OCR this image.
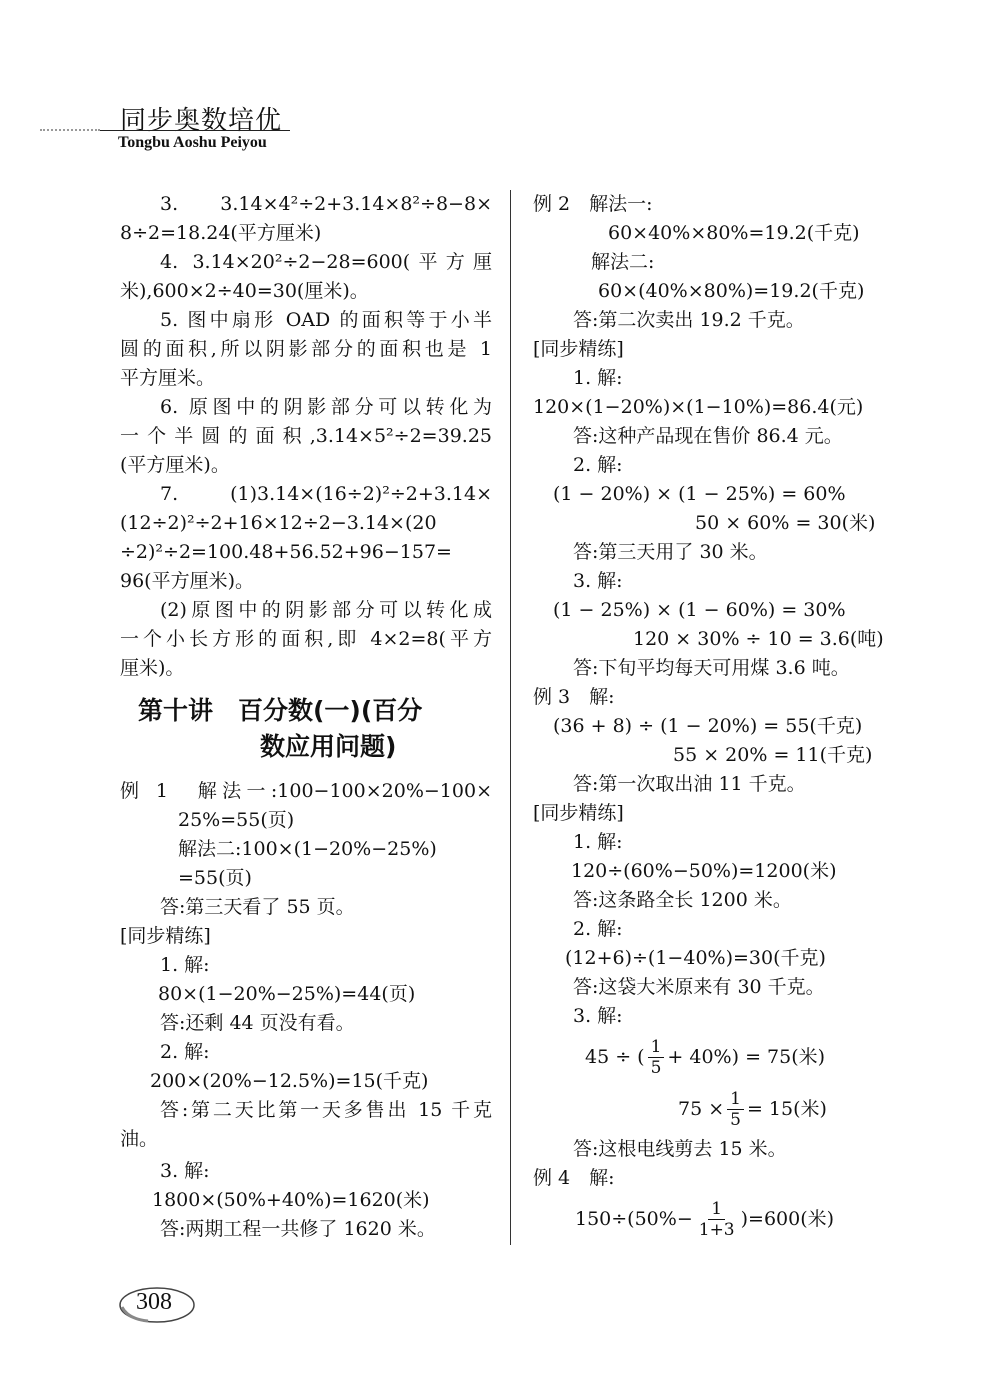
同步奥数培优
Tongbu Aoshu Peiyou
3. 3.14×4²÷2+3.14×8²÷8−8×
8÷2=18.24(平方厘米)
4. 3.14×20²÷2−28=600(平方厘
米),600×2÷40=30(厘米)。
5. 图中扇形 OAD 的面积等于小半
圆的面积,所以阴影部分的面积也是 1
平方厘米。
6. 原图中的阴影部分可以转化为
一个半圆的面积,3.14×5²÷2=39.25
(平方厘米)。
7. (1)3.14×(16÷2)²÷2+3.14×
(12÷2)²÷2+16×12÷2−3.14×(20
÷2)²÷2=100.48+56.52+96−157=
96(平方厘米)。
(2)原图中的阴影部分可以转化成
一个小长方形的面积,即 4×2=8(平方
厘米)。
第十讲　百分数(一)(百分
数应用问题)
例 1　解法一:100−100×20%−100×
25%=55(页)
解法二:100×(1−20%−25%)
=55(页)
答:第三天看了 55 页。
[同步精练]
1. 解:
80×(1−20%−25%)=44(页)
答:还剩 44 页没有看。
2. 解:
200×(20%−12.5%)=15(千克)
答:第二天比第一天多售出 15 千克
油。
3. 解:
1800×(50%+40%)=1620(米)
答:两期工程一共修了 1620 米。
例 2　解法一:
60×40%×80%=19.2(千克)
解法二:
60×(40%×80%)=19.2(千克)
答:第二次卖出 19.2 千克。
[同步精练]
1. 解:
120×(1−20%)×(1−10%)=86.4(元)
答:这种产品现在售价 86.4 元。
2. 解:
(1 − 20%) × (1 − 25%) = 60%
50 × 60% = 30(米)
答:第三天用了 30 米。
3. 解:
(1 − 25%) × (1 − 60%) = 30%
120 × 30% ÷ 10 = 3.6(吨)
答:下旬平均每天可用煤 3.6 吨。
例 3　解:
(36 + 8) ÷ (1 − 20%) = 55(千克)
55 × 20% = 11(千克)
答:第一次取出油 11 千克。
[同步精练]
1. 解:
120÷(60%−50%)=1200(米)
答:这条路全长 1200 米。
2. 解:
(12+6)÷(1−40%)=30(千克)
答:这袋大米原来有 30 千克。
3. 解:
45 ÷ ( $\frac{1}{5} + 40\%) = 75$(米)
$75 \times \frac{1}{5} = 15$(米)
答:这根电线剪去 15 米。
例 4　解:
$150\div(50\%- \frac{1}{1+3} )=600$(米)
308
